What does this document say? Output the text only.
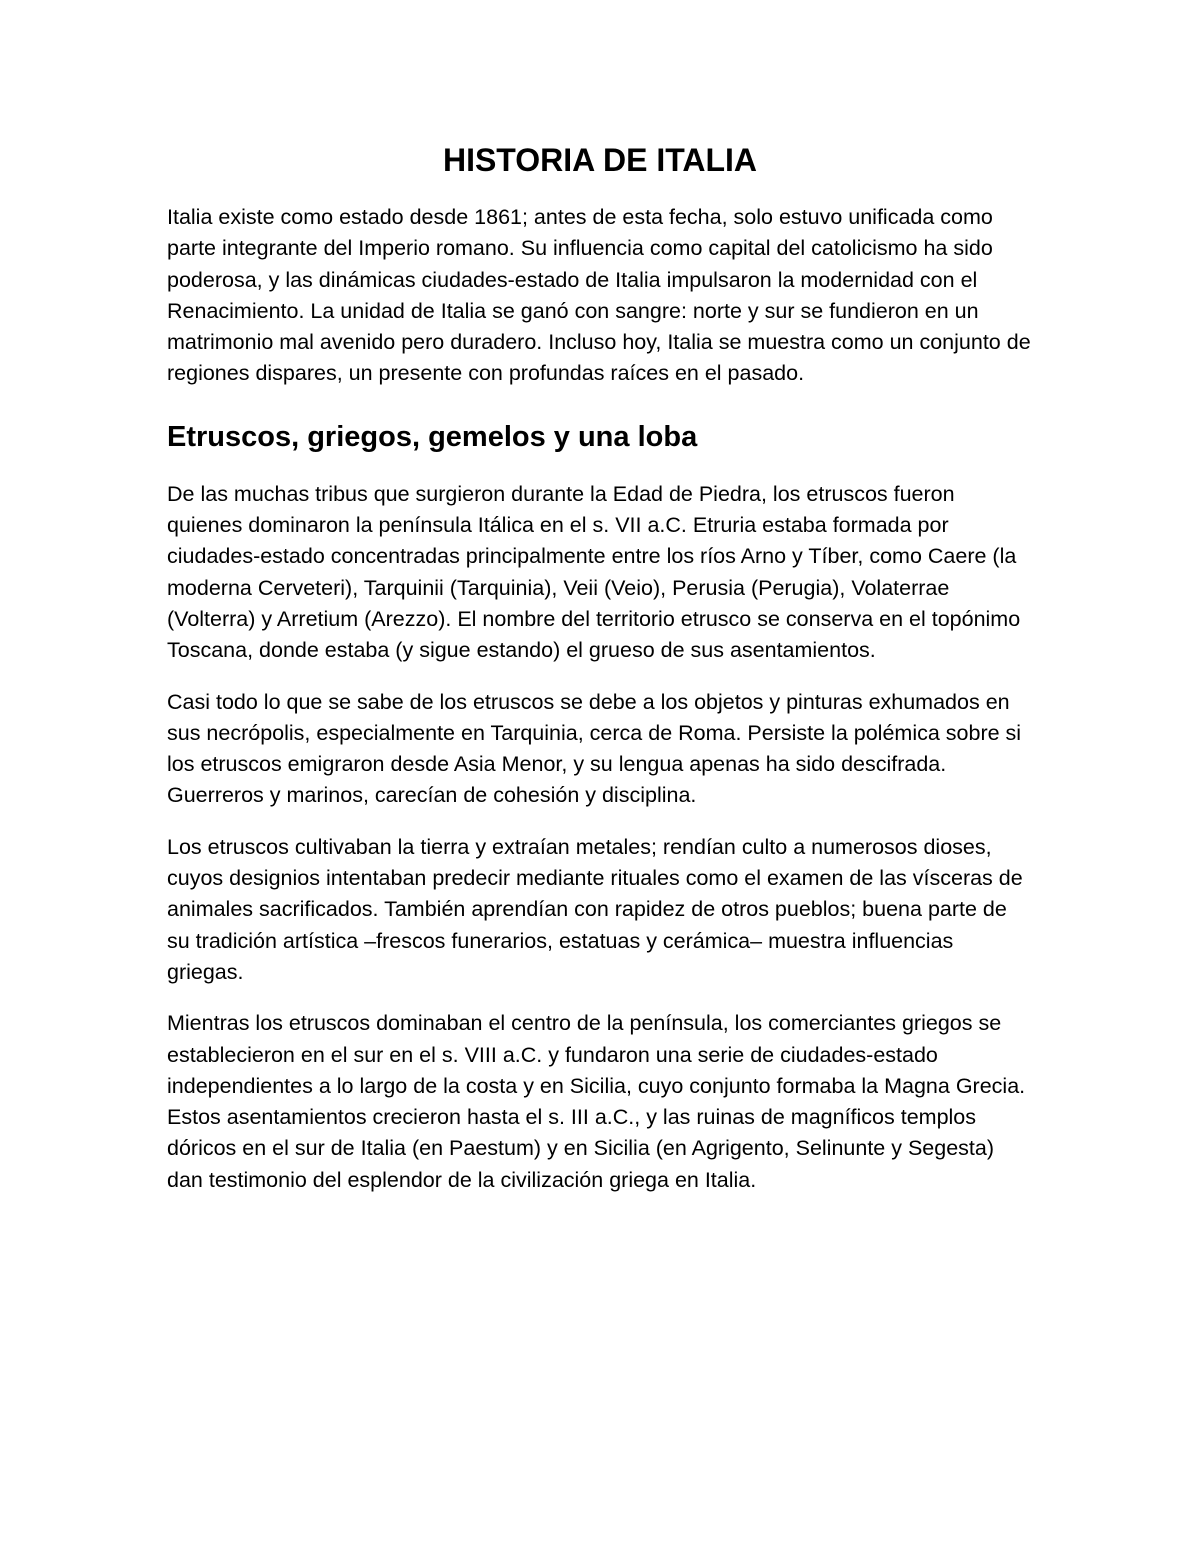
HISTORIA DE ITALIA

Italia existe como estado desde 1861; antes de esta fecha, solo estuvo unificada como parte integrante del Imperio romano. Su influencia como capital del catolicismo ha sido poderosa, y las dinámicas ciudades-estado de Italia impulsaron la modernidad con el Renacimiento. La unidad de Italia se ganó con sangre: norte y sur se fundieron en un matrimonio mal avenido pero duradero. Incluso hoy, Italia se muestra como un conjunto de regiones dispares, un presente con profundas raíces en el pasado.

Etruscos, griegos, gemelos y una loba

De las muchas tribus que surgieron durante la Edad de Piedra, los etruscos fueron quienes dominaron la península Itálica en el s. VII a.C. Etruria estaba formada por ciudades-estado concentradas principalmente entre los ríos Arno y Tíber, como Caere (la moderna Cerveteri), Tarquinii (Tarquinia), Veii (Veio), Perusia (Perugia), Volaterrae (Volterra) y Arretium (Arezzo). El nombre del territorio etrusco se conserva en el topónimo Toscana, donde estaba (y sigue estando) el grueso de sus asentamientos.

Casi todo lo que se sabe de los etruscos se debe a los objetos y pinturas exhumados en sus necrópolis, especialmente en Tarquinia, cerca de Roma. Persiste la polémica sobre si los etruscos emigraron desde Asia Menor, y su lengua apenas ha sido descifrada. Guerreros y marinos, carecían de cohesión y disciplina.

Los etruscos cultivaban la tierra y extraían metales; rendían culto a numerosos dioses, cuyos designios intentaban predecir mediante rituales como el examen de las vísceras de animales sacrificados. También aprendían con rapidez de otros pueblos; buena parte de su tradición artística –frescos funerarios, estatuas y cerámica– muestra influencias griegas.

Mientras los etruscos dominaban el centro de la península, los comerciantes griegos se establecieron en el sur en el s. VIII a.C. y fundaron una serie de ciudades-estado independientes a lo largo de la costa y en Sicilia, cuyo conjunto formaba la Magna Grecia. Estos asentamientos crecieron hasta el s. III a.C., y las ruinas de magníficos templos dóricos en el sur de Italia (en Paestum) y en Sicilia (en Agrigento, Selinunte y Segesta) dan testimonio del esplendor de la civilización griega en Italia.
